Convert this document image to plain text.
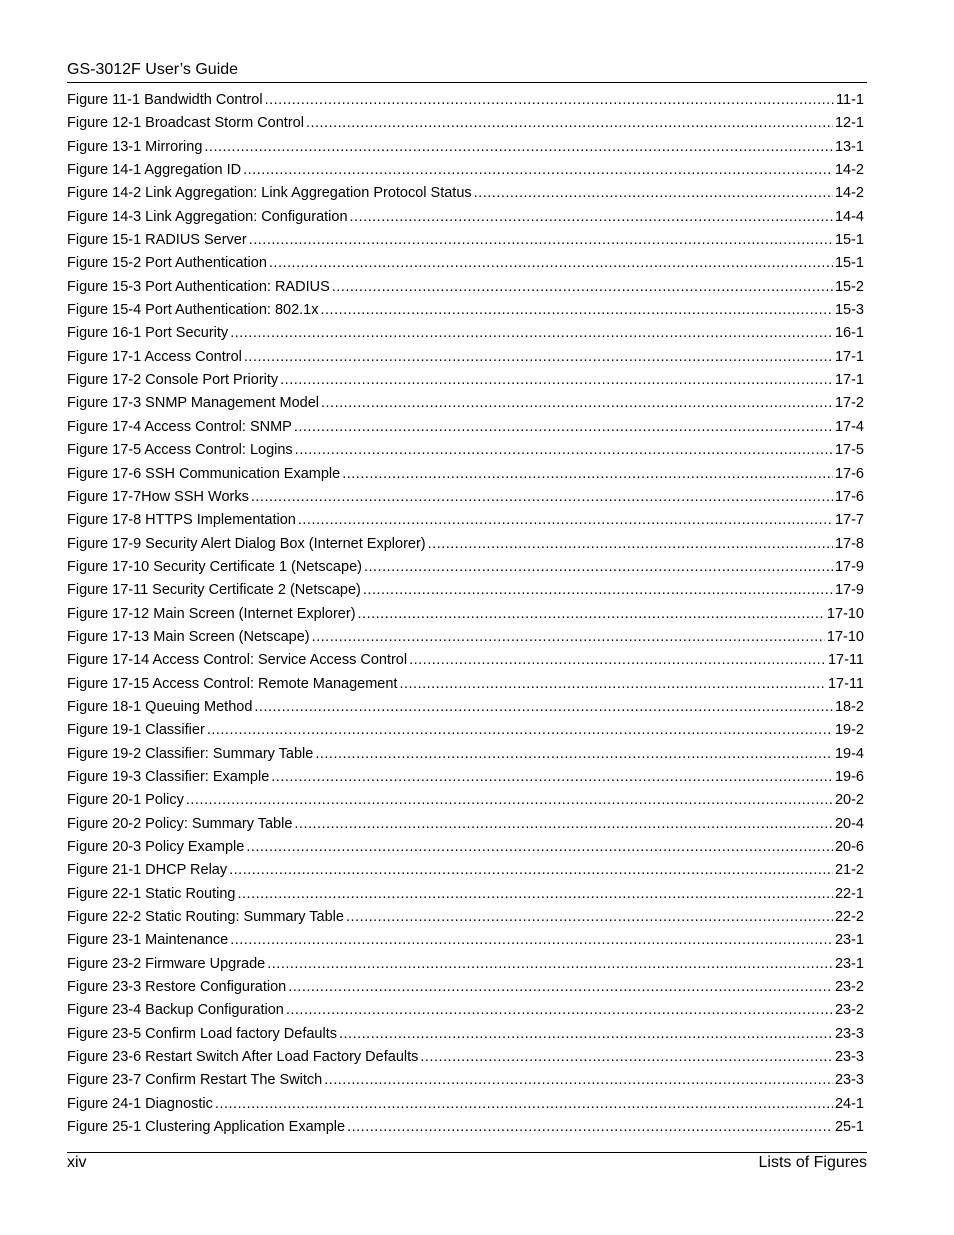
GS-3012F User’s Guide
Figure 11-1 Bandwidth Control .....	11-1
Figure 12-1 Broadcast Storm Control .....	12-1
Figure 13-1 Mirroring .....	13-1
Figure 14-1 Aggregation ID .....	14-2
Figure 14-2 Link Aggregation: Link Aggregation Protocol Status .....	14-2
Figure 14-3 Link Aggregation: Configuration .....	14-4
Figure 15-1 RADIUS Server .....	15-1
Figure 15-2 Port Authentication .....	15-1
Figure 15-3 Port Authentication: RADIUS .....	15-2
Figure 15-4 Port Authentication: 802.1x .....	15-3
Figure 16-1 Port Security .....	16-1
Figure 17-1 Access Control .....	17-1
Figure 17-2 Console Port Priority .....	17-1
Figure 17-3 SNMP Management Model .....	17-2
Figure 17-4 Access Control: SNMP .....	17-4
Figure 17-5 Access Control: Logins .....	17-5
Figure 17-6 SSH Communication Example .....	17-6
Figure 17-7How SSH Works .....	17-6
Figure 17-8 HTTPS Implementation .....	17-7
Figure 17-9 Security Alert Dialog Box (Internet Explorer) .....	17-8
Figure 17-10 Security Certificate 1 (Netscape) .....	17-9
Figure 17-11 Security Certificate 2 (Netscape) .....	17-9
Figure 17-12 Main Screen (Internet Explorer) .....	17-10
Figure 17-13 Main Screen (Netscape) .....	17-10
Figure 17-14 Access Control: Service Access Control .....	17-11
Figure 17-15 Access Control: Remote Management .....	17-11
Figure 18-1 Queuing Method .....	18-2
Figure 19-1 Classifier .....	19-2
Figure 19-2 Classifier: Summary Table .....	19-4
Figure 19-3 Classifier: Example .....	19-6
Figure 20-1 Policy .....	20-2
Figure 20-2 Policy: Summary Table .....	20-4
Figure 20-3 Policy Example .....	20-6
Figure 21-1 DHCP Relay .....	21-2
Figure 22-1 Static Routing .....	22-1
Figure 22-2 Static Routing: Summary Table .....	22-2
Figure 23-1 Maintenance .....	23-1
Figure 23-2 Firmware Upgrade .....	23-1
Figure 23-3 Restore Configuration .....	23-2
Figure 23-4 Backup Configuration .....	23-2
Figure 23-5 Confirm Load factory Defaults .....	23-3
Figure 23-6 Restart Switch After Load Factory Defaults .....	23-3
Figure 23-7 Confirm Restart The Switch .....	23-3
Figure 24-1 Diagnostic .....	24-1
Figure 25-1 Clustering Application Example .....	25-1
xiv	Lists of Figures
